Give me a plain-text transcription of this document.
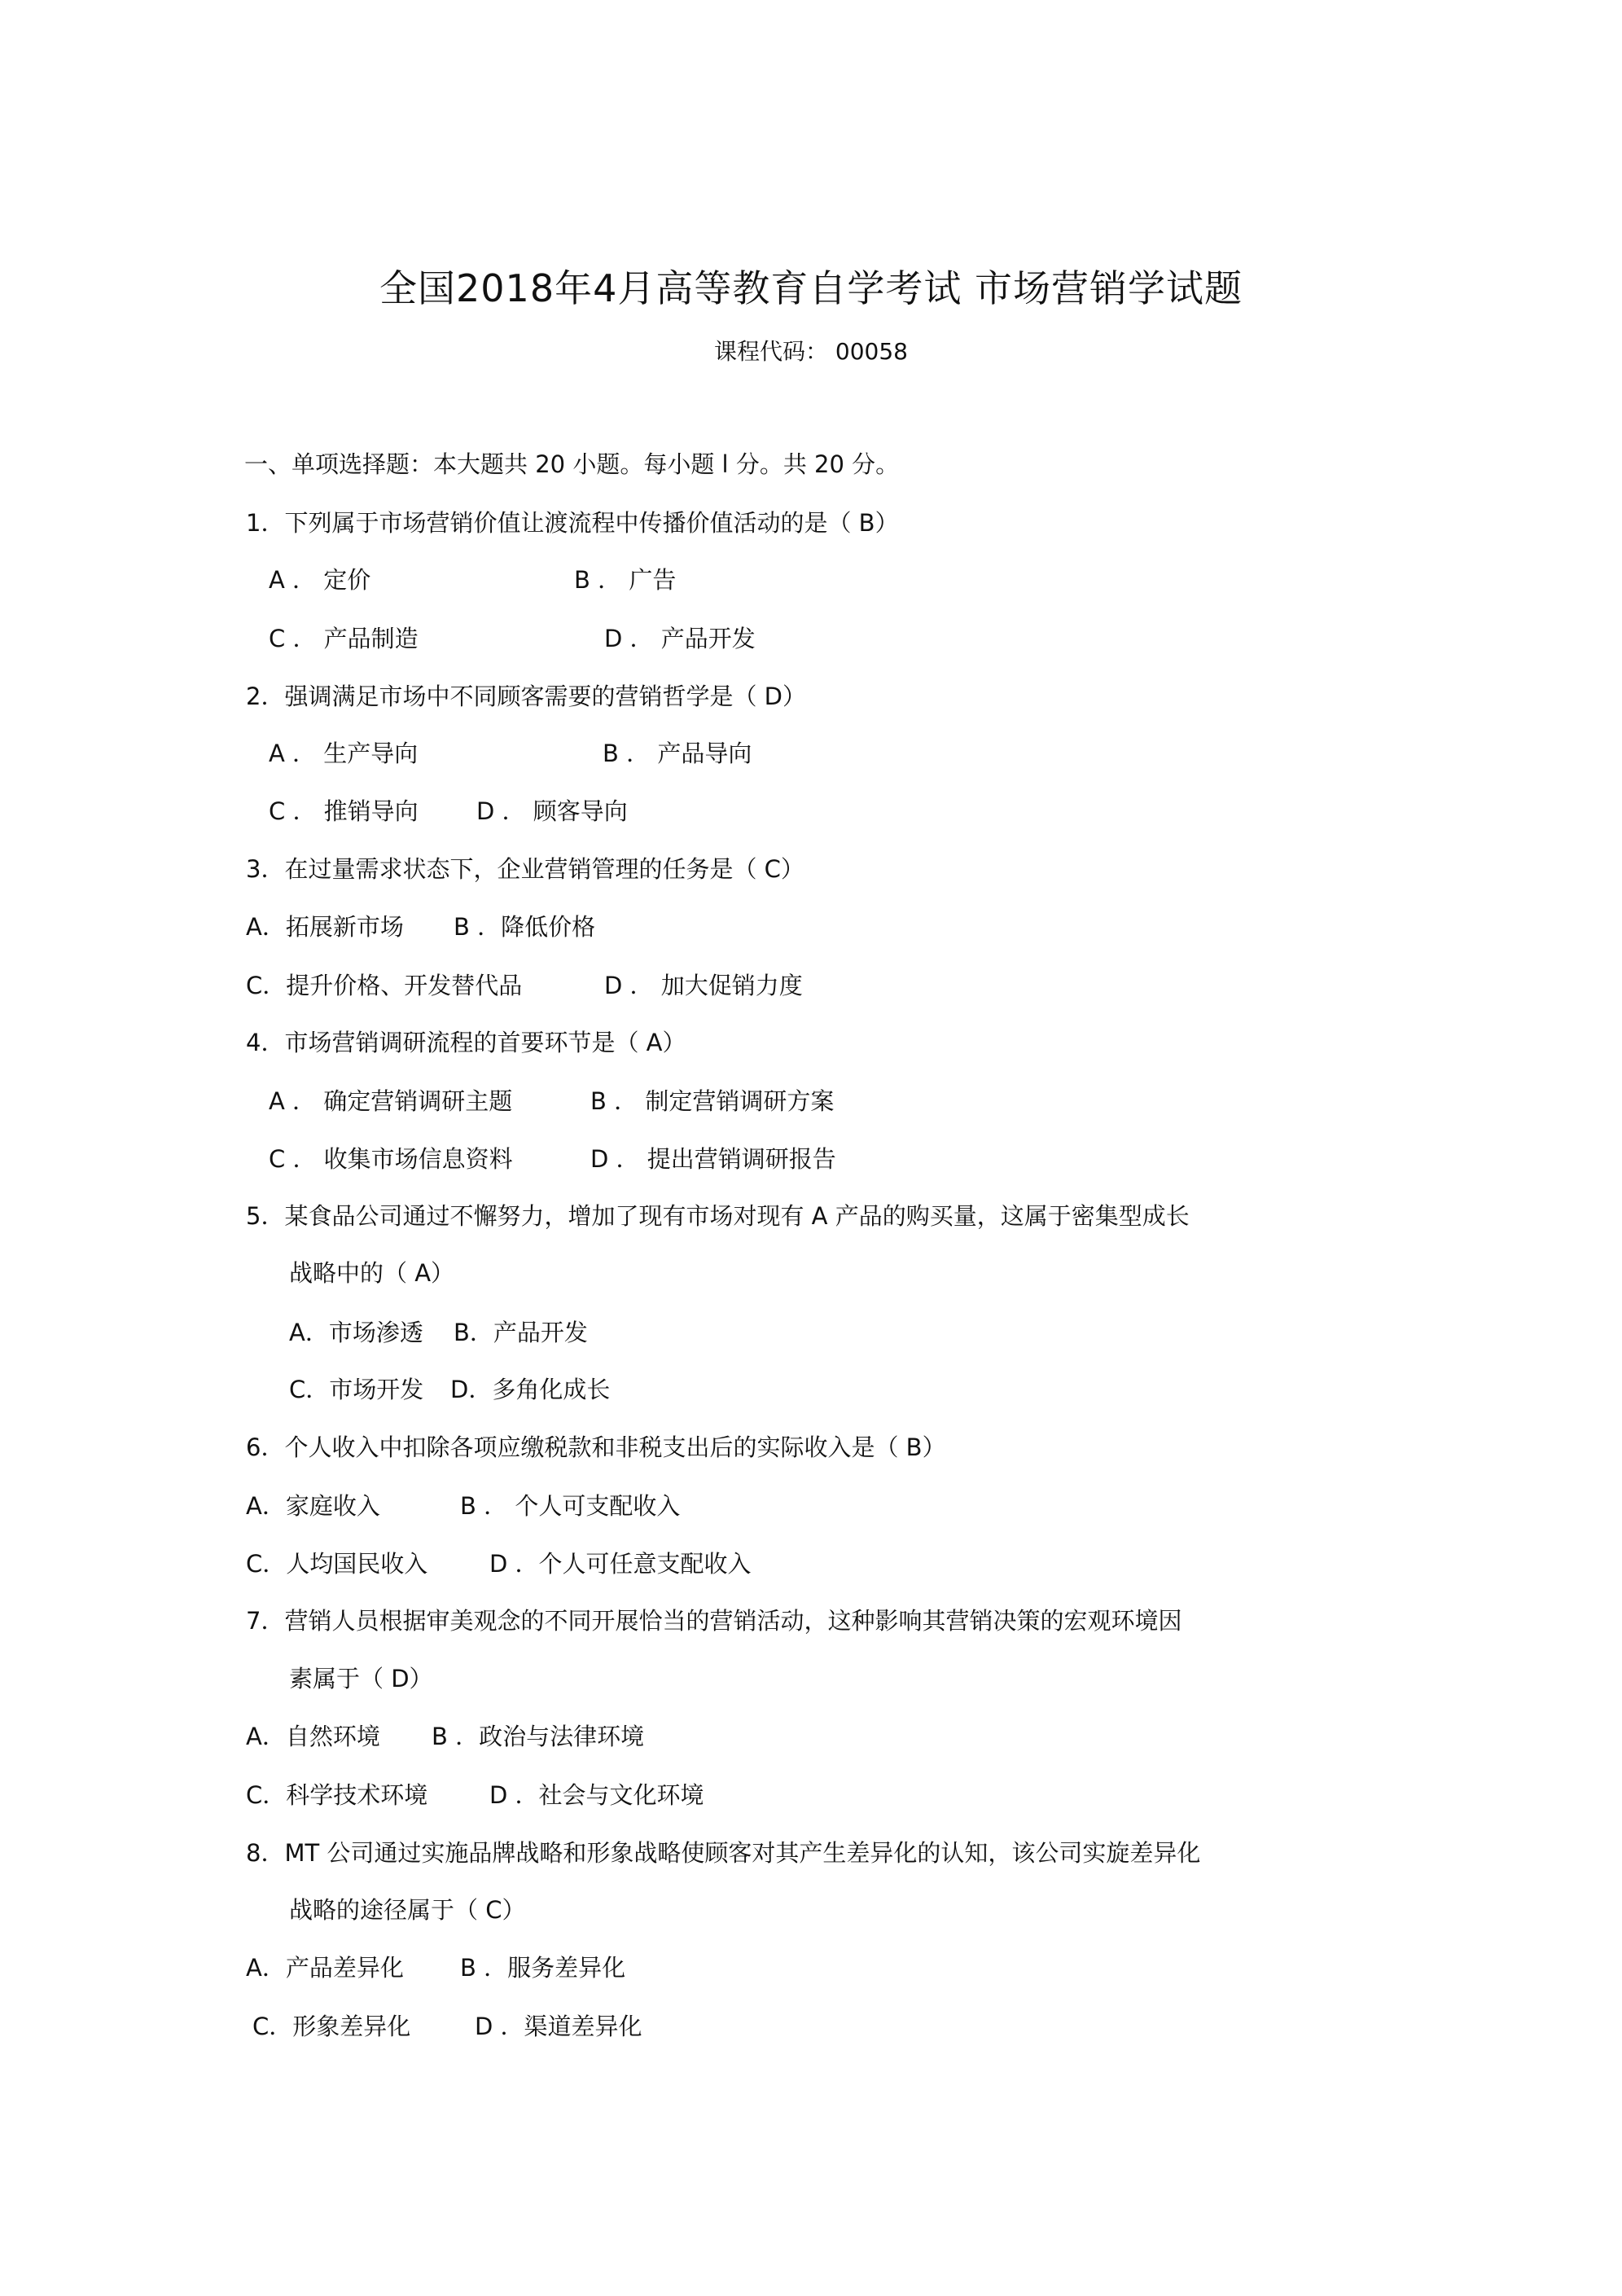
全国2018年4月高等教育自学考试 市场营销学试题
课程代码： 00058
一、单项选择题：本大题共 20 小题。每小题 l 分。共 20 分。
1．下列属于市场营销价值让渡流程中传播价值活动的是（ B）
A ． 定价	B ． 广告
C ． 产品制造	D ． 产品开发
2．强调满足市场中不同顾客需要的营销哲学是（ D）
A ． 生产导向	B ． 产品导向
C ． 推销导向 D ． 顾客导向
3．在过量需求状态下，企业营销管理的任务是（ C）
A．拓展新市场 B ．降低价格
C．提升价格、开发替代品	D ． 加大促销力度
4．市场营销调研流程的首要环节是（ A）
A ． 确定营销调研主题	B ． 制定营销调研方案
C ． 收集市场信息资料	D ． 提出营销调研报告
5．某食品公司通过不懈努力，增加了现有市场对现有 A 产品的购买量，这属于密集型成长
战略中的（ A）
A．市场渗透 B．产品开发
C．市场开发 D．多角化成长
6．个人收入中扣除各项应缴税款和非税支出后的实际收入是（ B）
A．家庭收入	B ． 个人可支配收入
C．人均国民收入	D ．个人可任意支配收入
7．营销人员根据审美观念的不同开展恰当的营销活动，这种影响其营销决策的宏观环境因
素属于（ D）
A．自然环境 B ．政治与法律环境
C．科学技术环境	D ．社会与文化环境
8．MT 公司通过实施品牌战略和形象战略使顾客对其产生差异化的认知，该公司实旋差异化
战略的途径属于（ C）
A．产品差异化 B ．服务差异化
C．形象差异化	D ．渠道差异化
